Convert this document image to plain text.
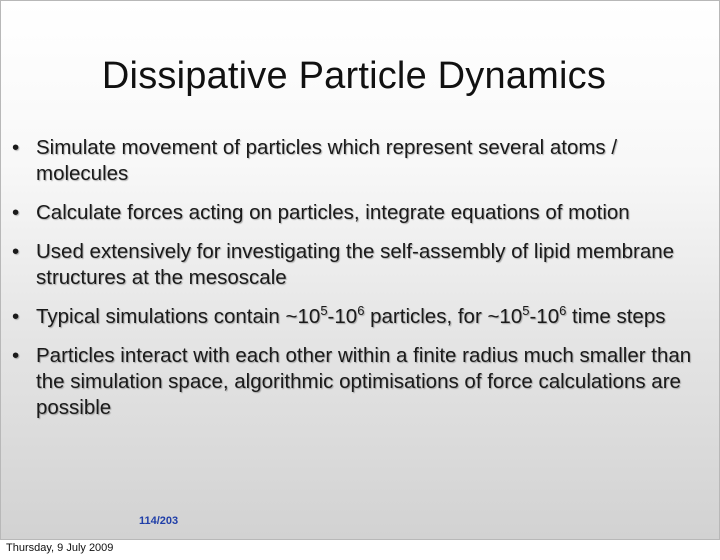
Dissipative Particle Dynamics
• Simulate movement of particles which represent several atoms / molecules
• Calculate forces acting on particles, integrate equations of motion
• Used extensively for investigating the self-assembly of lipid membrane structures at the mesoscale
• Typical simulations contain $\sim 10^5-10^6$ particles, for $\sim 10^5-10^6$ time steps
• Particles interact with each other within a finite radius much smaller than the simulation space, algorithmic optimisations of force calculations are possible
114/203
Thursday, 9 July 2009
